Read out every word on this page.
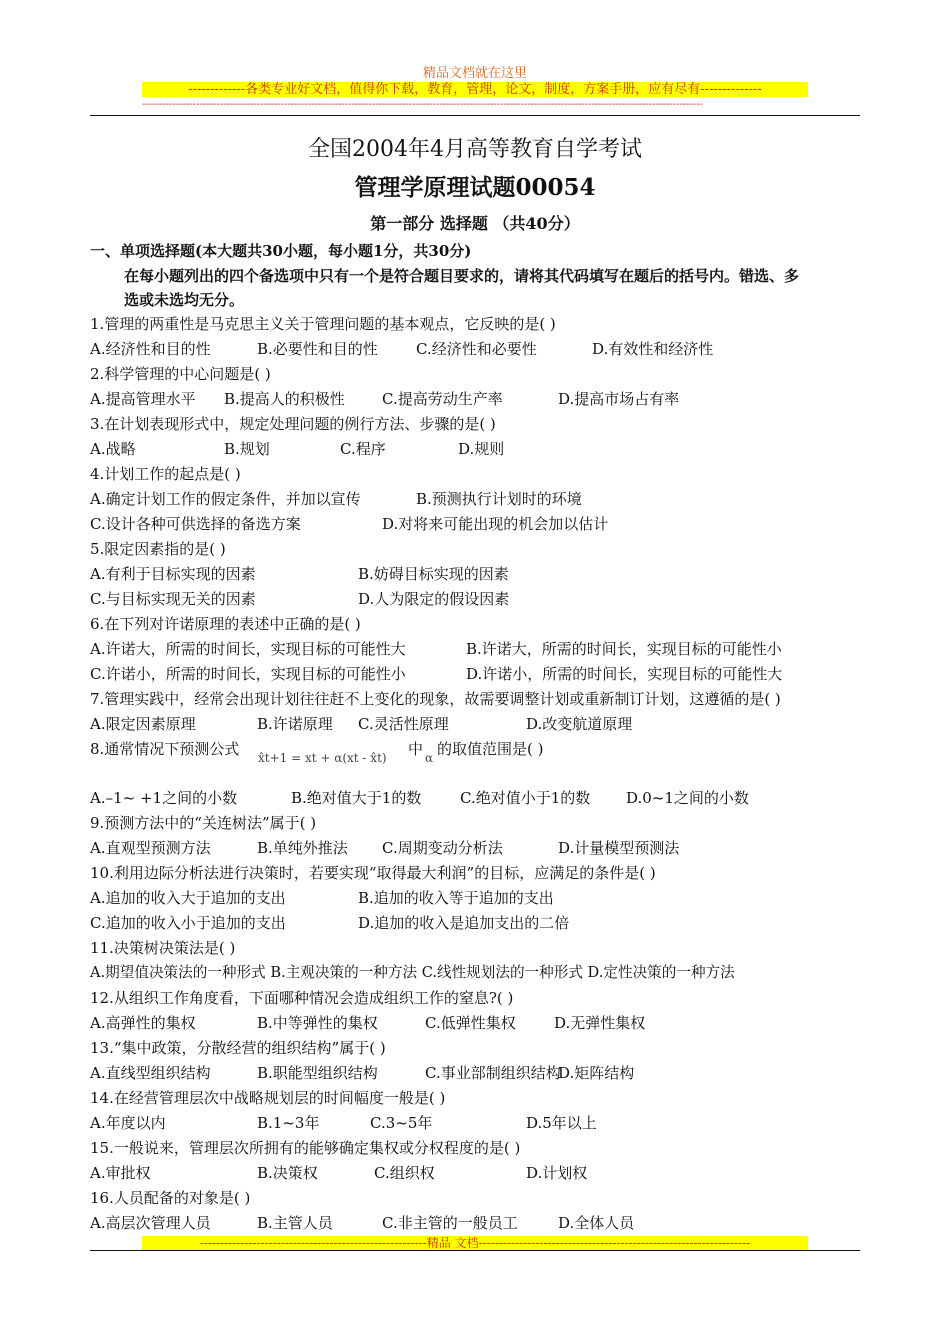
精品文档就在这里
-------------各类专业好文档，值得你下载，教育，管理，论文，制度，方案手册，应有尽有--------------
----------------------------------------------------------------------------------------------------------------------------------------------------------------------
全国2004年4月高等教育自学考试
管理学原理试题00054
第一部分 选择题 （共40分）
一、单项选择题(本大题共30小题，每小题1分，共30分)
在每小题列出的四个备选项中只有一个是符合题目要求的，请将其代码填写在题后的括号内。错选、多
选或未选均无分。
1.管理的两重性是马克思主义关于管理问题的基本观点，它反映的是( )
A.经济性和目的性	B.必要性和目的性	C.经济性和必要性	D.有效性和经济性
2.科学管理的中心问题是( )
A.提高管理水平 B.提高人的积极性 C.提高劳动生产率	D.提高市场占有率
3.在计划表现形式中，规定处理问题的例行方法、步骤的是( )
A.战略	B.规划	C.程序	D.规则
4.计划工作的起点是( )
A.确定计划工作的假定条件，并加以宣传	B.预测执行计划时的环境
C.设计各种可供选择的备选方案	D.对将来可能出现的机会加以估计
5.限定因素指的是( )
A.有利于目标实现的因素	B.妨碍目标实现的因素
C.与目标实现无关的因素	D.人为限定的假设因素
6.在下列对许诺原理的表述中正确的是( )
A.许诺大，所需的时间长，实现目标的可能性大	B.许诺大，所需的时间长，实现目标的可能性小
C.许诺小，所需的时间长，实现目标的可能性小	D.许诺小，所需的时间长，实现目标的可能性大
7.管理实践中，经常会出现计划往往赶不上变化的现象，故需要调整计划或重新制订计划，这遵循的是( )
A.限定因素原理	B.许诺原理 C.灵活性原理	D.改变航道原理
8.通常情况下预测公式 x̂t+1 = xt + α(xt - x̂t) 中 α 的取值范围是( )
A.–1~ +1之间的小数	B.绝对值大于1的数	C.绝对值小于1的数 D.0~1之间的小数
9.预测方法中的“关连树法”属于( )
A.直观型预测方法	B.单纯外推法 C.周期变动分析法	D.计量模型预测法
10.利用边际分析法进行决策时，若要实现“取得最大利润”的目标，应满足的条件是( )
A.追加的收入大于追加的支出	B.追加的收入等于追加的支出
C.追加的收入小于追加的支出	D.追加的收入是追加支出的二倍
11.决策树决策法是( )
A.期望值决策法的一种形式 B.主观决策的一种方法 C.线性规划法的一种形式 D.定性决策的一种方法
12.从组织工作角度看，下面哪种情况会造成组织工作的窒息?( )
A.高弹性的集权	B.中等弹性的集权	C.低弹性集权	D.无弹性集权
13.“集中政策，分散经营的组织结构”属于( )
A.直线型组织结构	B.职能型组织结构	C.事业部制组织结构
D.矩阵结构
14.在经营管理层次中战略规划层的时间幅度一般是( )
A.年度以内	B.1~3年	C.3~5年	D.5年以上
15.一般说来，管理层次所拥有的能够确定集权或分权程度的是( )
A.审批权	B.决策权	C.组织权	D.计划权
16.人员配备的对象是( )
A.高层次管理人员	B.主管人员	C.非主管的一般员工	D.全体人员
--------------------------------------------------------精品 文档-------------------------------------------------------------------
